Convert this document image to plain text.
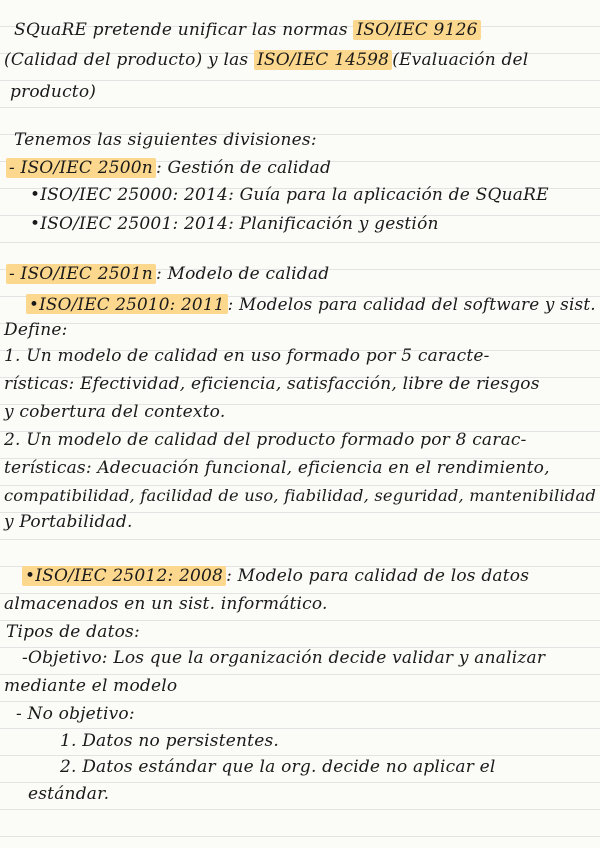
SQuaRE pretende unificar las normas ISO/IEC 9126
(Calidad del producto) y las ISO/IEC 14598 (Evaluación del
producto)
Tenemos las siguientes divisiones:
- ISO/IEC 2500n : Gestión de calidad
•ISO/IEC 25000: 2014: Guía para la aplicación de SQuaRE
•ISO/IEC 25001: 2014: Planificación y gestión
- ISO/IEC 2501n : Modelo de calidad
•ISO/IEC 25010: 2011 : Modelos para calidad del software y sist.
Define:
1. Un modelo de calidad en uso formado por 5 caracte-
rísticas: Efectividad, eficiencia, satisfacción, libre de riesgos
y cobertura del contexto.
2. Un modelo de calidad del producto formado por 8 carac-
terísticas: Adecuación funcional, eficiencia en el rendimiento,
compatibilidad, facilidad de uso, fiabilidad, seguridad, mantenibilidad
y Portabilidad.
•ISO/IEC 25012: 2008 : Modelo para calidad de los datos
almacenados en un sist. informático.
Tipos de datos:
-Objetivo: Los que la organización decide validar y analizar
mediante el modelo
- No objetivo:
1. Datos no persistentes.
2. Datos estándar que la org. decide no aplicar el
estándar.
